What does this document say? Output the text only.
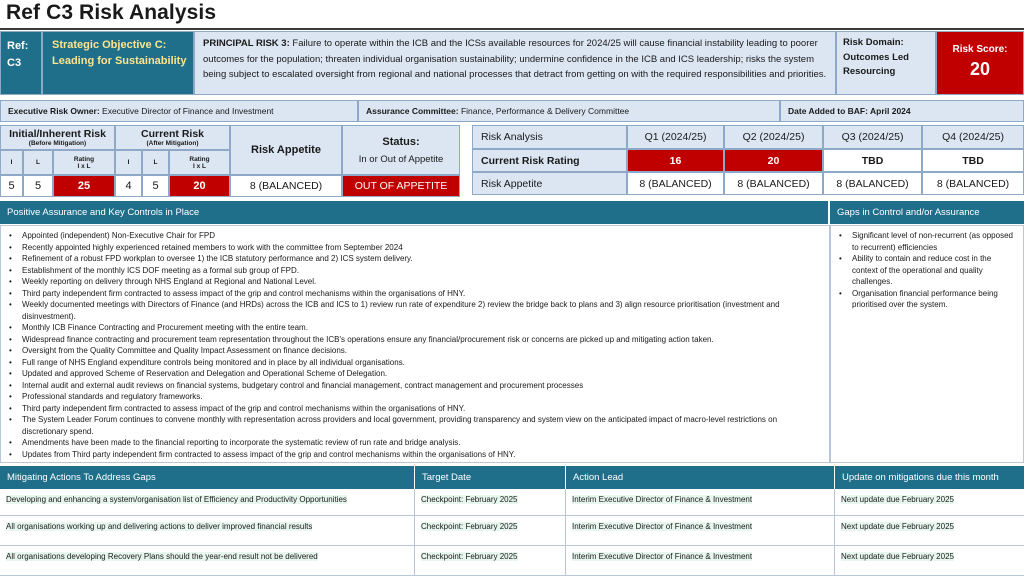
Ref C3 Risk Analysis
Ref:
C3
Strategic Objective C: Leading for Sustainability
PRINCIPAL RISK 3: Failure to operate within the ICB and the ICSs available resources for 2024/25 will cause financial instability leading to poorer outcomes for the population; threaten individual organisation sustainability; undermine confidence in the ICB and ICS leadership; risks the system being subject to escalated oversight from regional and national processes that detract from getting on with the required responsibilities and priorities.
Risk Domain:
Outcomes Led Resourcing
Risk Score:
20
Executive Risk Owner: Executive Director of Finance and Investment	Assurance Committee: Finance, Performance & Delivery Committee	Date Added to BAF: April 2024
Initial/Inherent Risk
(Before Mitigation)
I	L	Rating
I x L
5	5	25
Current Risk
(After Mitigation)
I	L	Rating
I x L
4	5	20
Risk Appetite
8 (BALANCED)
Status:
In or Out of Appetite
OUT OF APPETITE
Risk Analysis	Q1 (2024/25)	Q2 (2024/25)	Q3 (2024/25)	Q4 (2024/25)
Current Risk Rating	16	20	TBD	TBD
Risk Appetite	8 (BALANCED)	8 (BALANCED)	8 (BALANCED)	8 (BALANCED)
Positive Assurance and Key Controls in Place	Gaps in Control and/or Assurance
• Appointed (independent) Non-Executive Chair for FPD
• Recently appointed highly experienced retained members to work with the committee from September 2024
• Refinement of a robust FPD workplan to oversee 1) the ICB statutory performance and 2) ICS system delivery.
• Establishment of the monthly ICS DOF meeting as a formal sub group of FPD.
• Weekly reporting on delivery through NHS England at Regional and National Level.
• Third party independent firm contracted to assess impact of the grip and control mechanisms within the organisations of HNY.
• Weekly documented meetings with Directors of Finance (and HRDs) across the ICB and ICS to 1) review run rate of expenditure 2) review the bridge back to plans and 3) align resource prioritisation (investment and disinvestment).
• Monthly ICB Finance Contracting and Procurement meeting with the entire team.
• Widespread finance contracting and procurement team representation throughout the ICB's operations ensure any financial/procurement risk or concerns are picked up and mitigating action taken.
• Oversight from the Quality Committee and Quality Impact Assessment on finance decisions.
• Full range of NHS England expenditure controls being monitored and in place by all individual organisations.
• Updated and approved Scheme of Reservation and Delegation and Operational Scheme of Delegation.
• Internal audit and external audit reviews on financial systems, budgetary control and financial management, contract management and procurement processes
• Professional standards and regulatory frameworks.
• Third party independent firm contracted to assess impact of the grip and control mechanisms within the organisations of HNY.
• The System Leader Forum continues to convene monthly with representation across providers and local government, providing transparency and system view on the anticipated impact of macro-level restrictions on discretionary spend.
• Amendments have been made to the financial reporting to incorporate the systematic review of run rate and bridge analysis.
• Updates from Third party independent firm contracted to assess impact of the grip and control mechanisms within the organisations of HNY.
• Significant level of non-recurrent (as opposed to recurrent) efficiencies
• Ability to contain and reduce cost in the context of the operational and quality challenges.
• Organisation financial performance being prioritised over the system.
Mitigating Actions To Address Gaps	Target Date	Action Lead	Update on mitigations due this month
Developing and enhancing a system/organisation list of Efficiency and Productivity Opportunities	Checkpoint: February 2025	Interim Executive Director of Finance & Investment	Next update due February 2025
All organisations working up and delivering actions to deliver improved financial results	Checkpoint: February 2025	Interim Executive Director of Finance & Investment	Next update due February 2025
All organisations developing Recovery Plans should the year-end result not be delivered	Checkpoint: February 2025	Interim Executive Director of Finance & Investment	Next update due February 2025
